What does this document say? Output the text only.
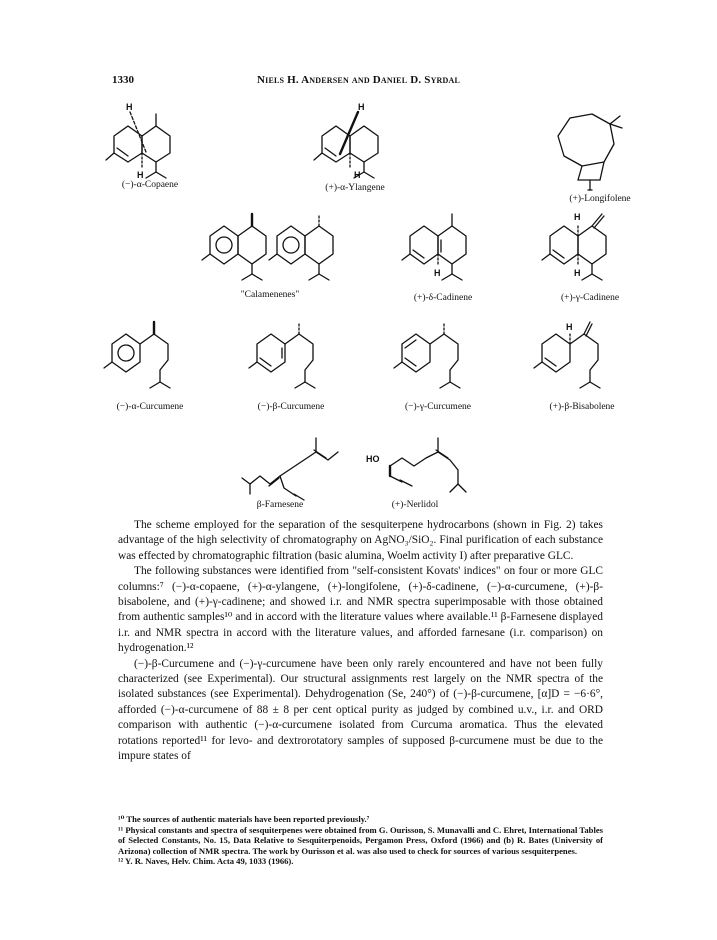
1330	Niels H. Andersen and Daniel D. Syrdal
H
H
(−)-α-Copaene
H
H
(+)-α-Ylangene
(+)-Longifolene
"Calamenenes"
H
(+)-δ-Cadinene
H
H
(+)-γ-Cadinene
(−)-α-Curcumene	(−)-β-Curcumene	(−)-γ-Curcumene
H
(+)-β-Bisabolene
β-Farnesene
HO
(+)-Nerlidol

The scheme employed for the separation of the sesquiterpene hydrocarbons (shown in Fig. 2) takes advantage of the high selectivity of chromatography on AgNO₃/SiO₂. Final purification of each substance was effected by chromatographic filtration (basic alumina, Woelm activity I) after preparative GLC.

The following substances were identified from "self-consistent Kovats' indices" on four or more GLC columns:⁷ (−)-α-copaene, (+)-α-ylangene, (+)-longifolene, (+)-δ-cadinene, (−)-α-curcumene, (+)-β-bisabolene, and (+)-γ-cadinene; and showed i.r. and NMR spectra superimposable with those obtained from authentic samples¹⁰ and in accord with the literature values where available.¹¹ β-Farnesene displayed i.r. and NMR spectra in accord with the literature values, and afforded farnesane (i.r. comparison) on hydrogenation.¹²

(−)-β-Curcumene and (−)-γ-curcumene have been only rarely encountered and have not been fully characterized (see Experimental). Our structural assignments rest largely on the NMR spectra of the isolated substances (see Experimental). Dehydrogenation (Se, 240°) of (−)-β-curcumene, [α]D = −6·6°, afforded (−)-α-curcumene of 88 ± 8 per cent optical purity as judged by combined u.v., i.r. and ORD comparison with authentic (−)-α-curcumene isolated from Curcuma aromatica. Thus the elevated rotations reported¹¹ for levo- and dextrorotatory samples of supposed β-curcumene must be due to the impure states of

¹⁰ The sources of authentic materials have been reported previously.⁷

¹¹ Physical constants and spectra of sesquiterpenes were obtained from G. Ourisson, S. Munavalli and C. Ehret, International Tables of Selected Constants, No. 15, Data Relative to Sesquiterpenoids, Pergamon Press, Oxford (1966) and (b) R. Bates (University of Arizona) collection of NMR spectra. The work by Ourisson et al. was also used to check for sources of various sesquiterpenes.

¹² Y. R. Naves, Helv. Chim. Acta 49, 1033 (1966).
